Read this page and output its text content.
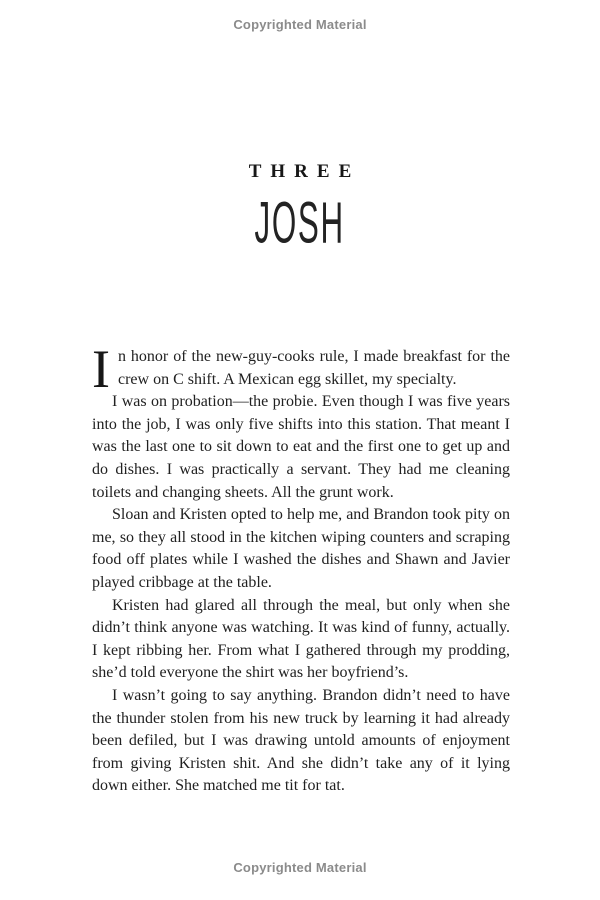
Copyrighted Material
THREE
JOSH

In honor of the new-guy-cooks rule, I made breakfast for the crew on C shift. A Mexican egg skillet, my specialty.

I was on probation—the probie. Even though I was five years into the job, I was only five shifts into this station. That meant I was the last one to sit down to eat and the first one to get up and do dishes. I was practically a servant. They had me cleaning toilets and changing sheets. All the grunt work.

Sloan and Kristen opted to help me, and Brandon took pity on me, so they all stood in the kitchen wiping counters and scraping food off plates while I washed the dishes and Shawn and Javier played cribbage at the table.

Kristen had glared all through the meal, but only when she didn’t think anyone was watching. It was kind of funny, actually. I kept ribbing her. From what I gathered through my prodding, she’d told everyone the shirt was her boyfriend’s.

I wasn’t going to say anything. Brandon didn’t need to have the thunder stolen from his new truck by learning it had already been defiled, but I was drawing untold amounts of enjoyment from giving Kristen shit. And she didn’t take any of it lying down either. She matched me tit for tat.

Copyrighted Material
